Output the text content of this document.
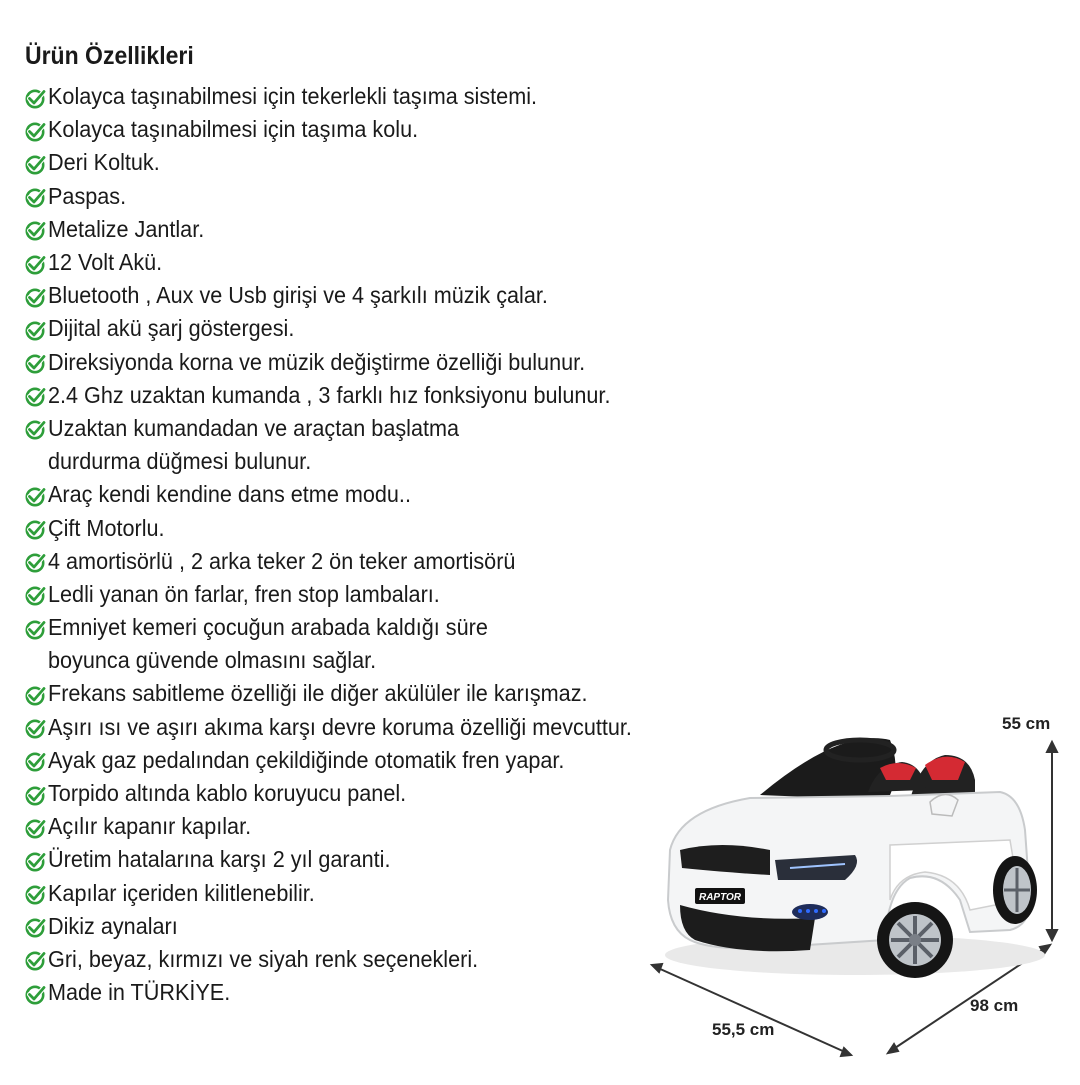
Ürün Özellikleri
Kolayca taşınabilmesi için tekerlekli taşıma sistemi.
Kolayca taşınabilmesi için taşıma kolu.
Deri Koltuk.
Paspas.
Metalize Jantlar.
12 Volt Akü.
Bluetooth , Aux ve Usb girişi ve 4 şarkılı müzik çalar.
Dijital akü şarj göstergesi.
Direksiyonda korna ve müzik değiştirme özelliği bulunur.
2.4 Ghz uzaktan kumanda , 3 farklı hız fonksiyonu bulunur.
Uzaktan kumandadan ve araçtan başlatma
durdurma düğmesi bulunur.
Araç kendi kendine dans etme modu..
Çift Motorlu.
4 amortisörlü , 2 arka teker 2 ön teker amortisörü
Ledli yanan ön farlar, fren stop lambaları.
Emniyet kemeri çocuğun arabada kaldığı süre
boyunca güvende olmasını sağlar.
Frekans sabitleme özelliği ile diğer akülüler ile karışmaz.
Aşırı ısı ve aşırı akıma karşı devre koruma özelliği mevcuttur.
Ayak gaz pedalından çekildiğinde otomatik fren yapar.
Torpido altında kablo koruyucu panel.
Açılır kapanır kapılar.
Üretim hatalarına karşı 2 yıl garanti.
Kapılar içeriden kilitlenebilir.
Dikiz aynaları
Gri, beyaz, kırmızı ve siyah renk seçenekleri.
Made in TÜRKİYE.
RAPTOR
55 cm
98 cm
55,5 cm
